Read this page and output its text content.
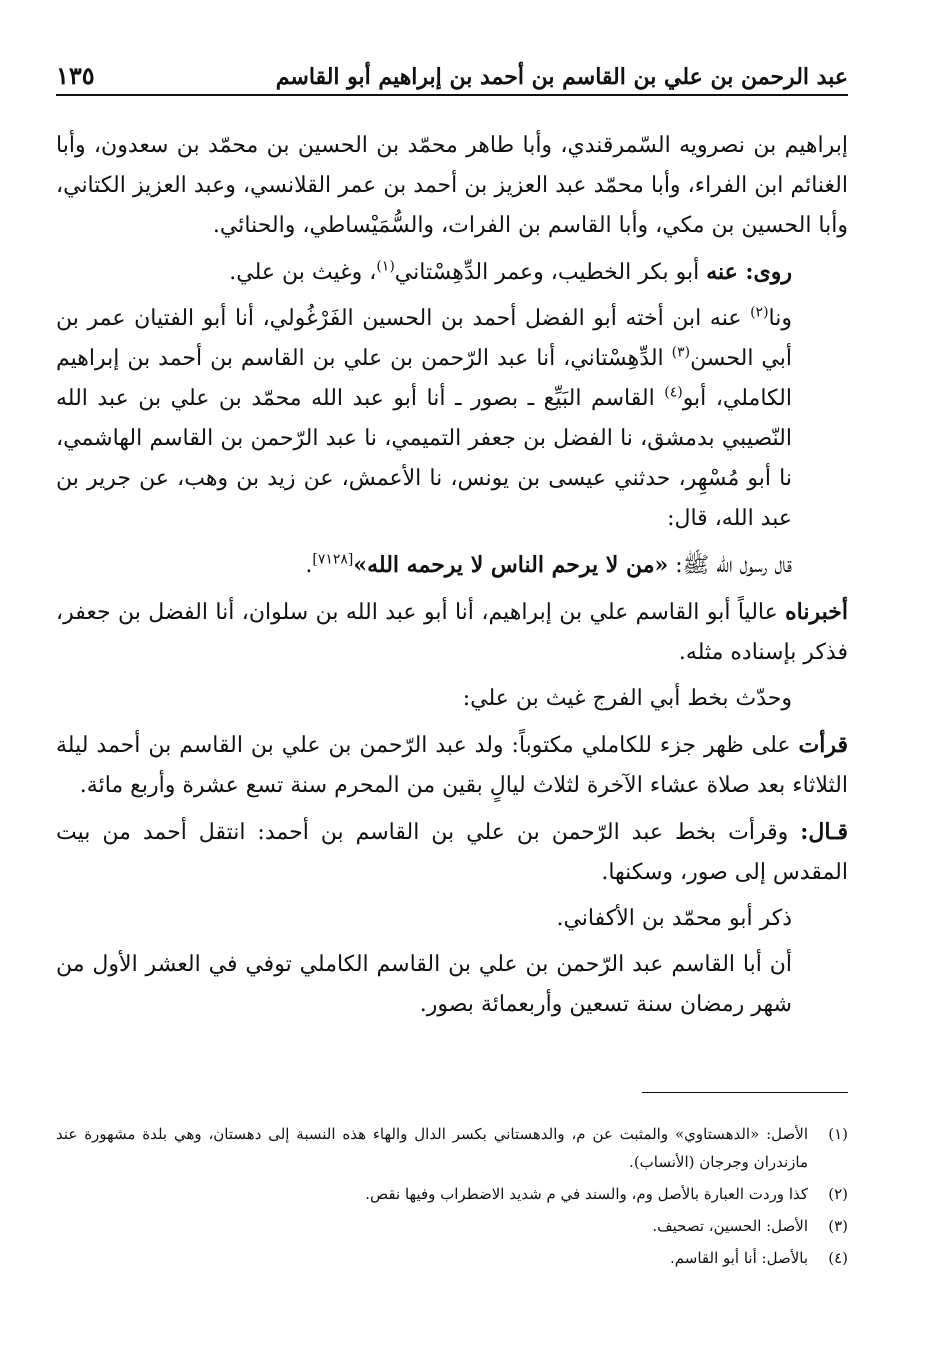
عبد الرحمن بن علي بن القاسم بن أحمد بن إبراهيم أبو القاسم
١٣٥

إبراهيم بن نصرويه السّمرقندي، وأبا طاهر محمّد بن الحسين بن محمّد بن سعدون، وأبا الغنائم ابن الفراء، وأبا محمّد عبد العزيز بن أحمد بن عمر القلانسي، وعبد العزيز الكتاني، وأبا الحسين بن مكي، وأبا القاسم بن الفرات، والسُّمَيْساطي، والحنائي.

روى: عنه أبو بكر الخطيب، وعمر الدِّهِسْتاني$^{(١)}$، وغيث بن علي.

ونا$^{(٢)}$ عنه ابن أخته أبو الفضل أحمد بن الحسين الفَرْغُولي، أنا أبو الفتيان عمر بن أبي الحسن$^{(٣)}$ الدِّهِسْتاني، أنا عبد الرّحمن بن علي بن القاسم بن أحمد بن إبراهيم الكاملي، أبو$^{(٤)}$ القاسم البَيِّع ـ بصور ـ أنا أبو عبد الله محمّد بن علي بن عبد الله النّصيبي بدمشق، نا الفضل بن جعفر التميمي، نا عبد الرّحمن بن القاسم الهاشمي، نا أبو مُسْهِر، حدثني عيسى بن يونس، نا الأعمش، عن زيد بن وهب، عن جرير بن عبد الله، قال:

قال رسول الله ﷺ: «من لا يرحم الناس لا يرحمه الله»[٧١٢٨].

أخبرناه عالياً أبو القاسم علي بن إبراهيم، أنا أبو عبد الله بن سلوان، أنا الفضل بن جعفر، فذكر بإسناده مثله.

وحدّث بخط أبي الفرج غيث بن علي:

قرأت على ظهر جزء للكاملي مكتوباً: ولد عبد الرّحمن بن علي بن القاسم بن أحمد ليلة الثلاثاء بعد صلاة عشاء الآخرة لثلاث ليالٍ بقين من المحرم سنة تسع عشرة وأربع مائة.

قـال: وقرأت بخط عبد الرّحمن بن علي بن القاسم بن أحمد: انتقل أحمد من بيت المقدس إلى صور، وسكنها.

ذكر أبو محمّد بن الأكفاني.

أن أبا القاسم عبد الرّحمن بن علي بن القاسم الكاملي توفي في العشر الأول من شهر رمضان سنة تسعين وأربعمائة بصور.

(١)
الأصل: «الدهستاوي» والمثبت عن م، والدهستاني بكسر الدال والهاء هذه النسبة إلى دهستان، وهي بلدة مشهورة عند مازندران وجرجان (الأنساب).
(٢)
كذا وردت العبارة بالأصل وم، والسند في م شديد الاضطراب وفيها نقص.
(٣)
الأصل: الحسين، تصحيف.
(٤)
بالأصل: أنا أبو القاسم.
